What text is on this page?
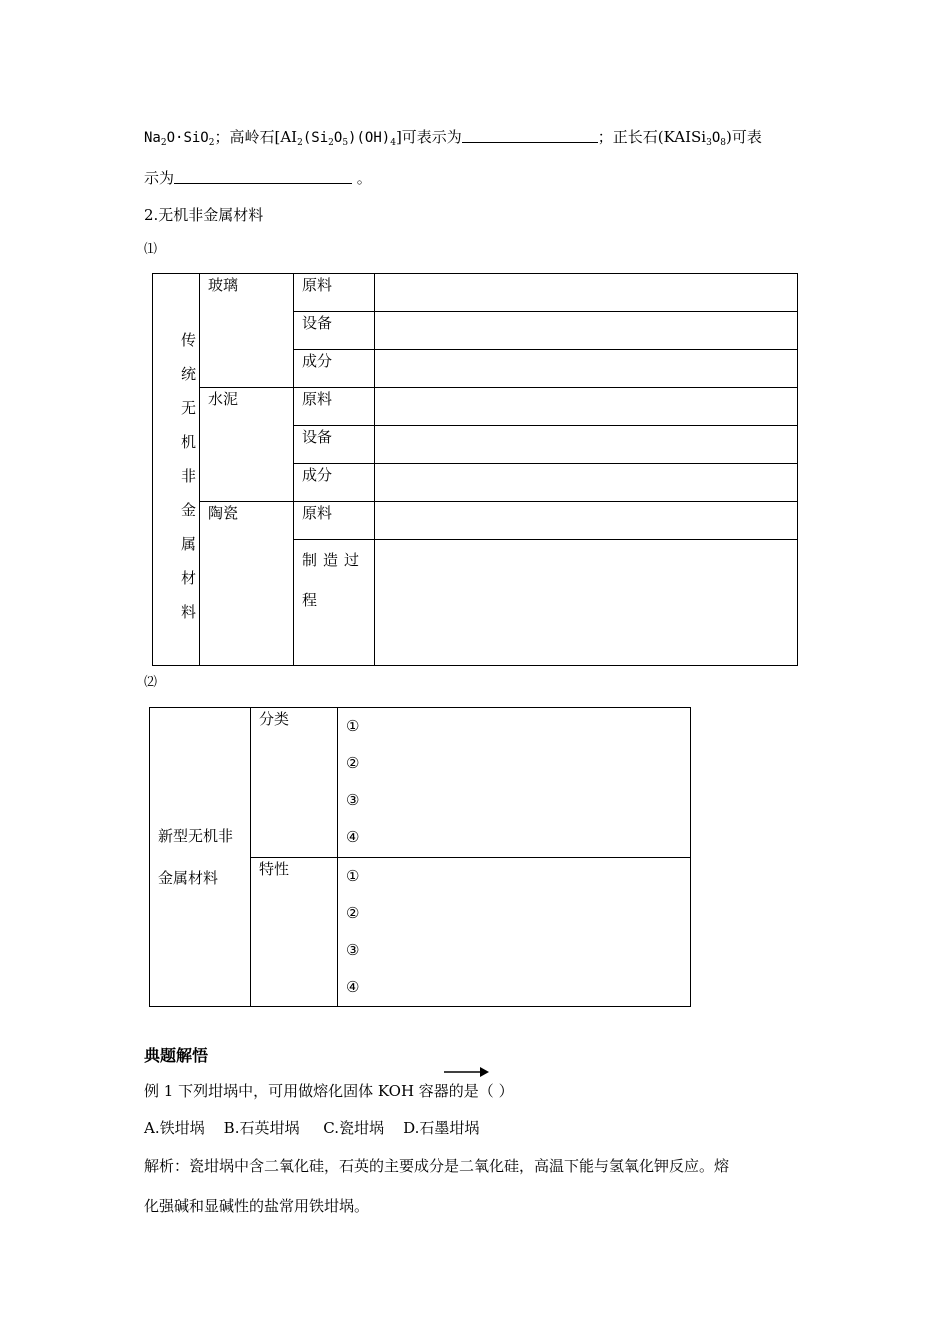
$Na_2O\cdot SiO_2$；高岭石$[AI_2(Si_2O_5)(OH)_4]$可表示为	；正长石$(KAISi_3O_8)$可表
示为	。
2.无机非金属材料
⑴
传统无机非金属材料	玻璃	原料	
		设备	
		成分	
	水泥	原料	
		设备	
		成分	
	陶瓷	原料	
		制造过程	
⑵
新型无机非金属材料	分类	①
②
③
④

	特性	①
②
③
④
典题解悟
例 1 下列坩埚中，可用做熔化固体 KOH 容器的是（ ）
A.铁坩埚    B.石英坩埚     C.瓷坩埚    D.石墨坩埚
解析：瓷坩埚中含二氧化硅，石英的主要成分是二氧化硅，高温下能与氢氧化钾反应。熔
化强碱和显碱性的盐常用铁坩埚。
